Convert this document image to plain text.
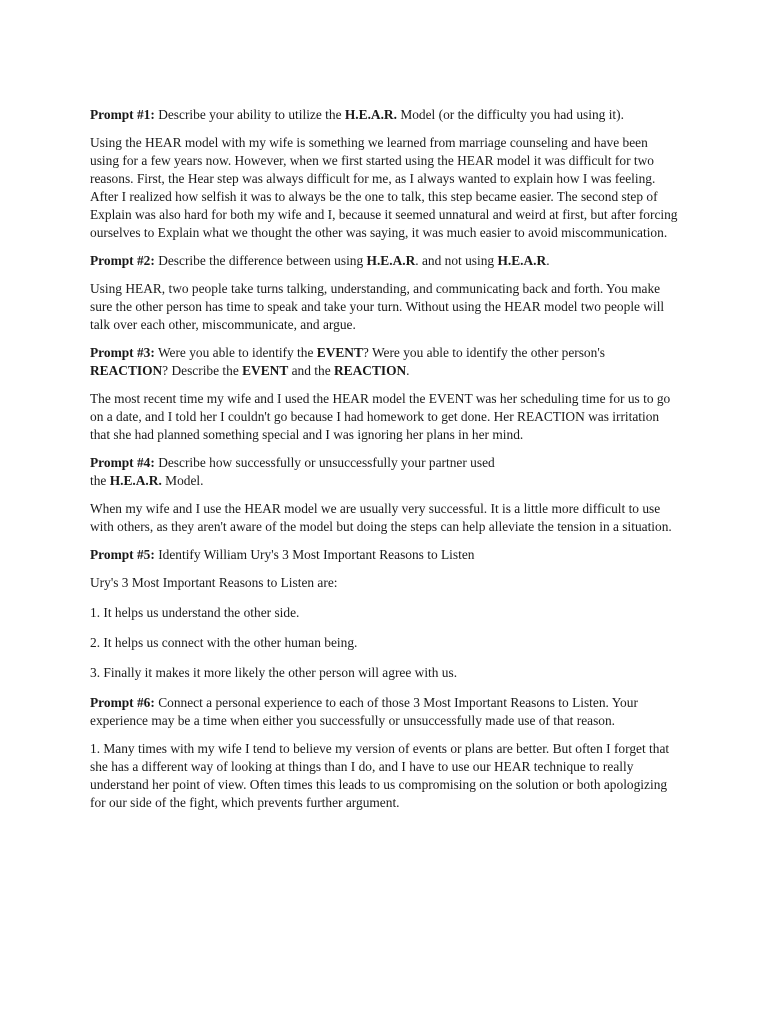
Prompt #1: Describe your ability to utilize the H.E.A.R. Model (or the difficulty you had using it).

Using the HEAR model with my wife is something we learned from marriage counseling and have been using for a few years now. However, when we first started using the HEAR model it was difficult for two reasons. First, the Hear step was always difficult for me, as I always wanted to explain how I was feeling. After I realized how selfish it was to always be the one to talk, this step became easier. The second step of Explain was also hard for both my wife and I, because it seemed unnatural and weird at first, but after forcing ourselves to Explain what we thought the other was saying, it was much easier to avoid miscommunication.

Prompt #2: Describe the difference between using H.E.A.R. and not using H.E.A.R.

Using HEAR, two people take turns talking, understanding, and communicating back and forth. You make sure the other person has time to speak and take your turn. Without using the HEAR model two people will talk over each other, miscommunicate, and argue.

Prompt #3: Were you able to identify the EVENT? Were you able to identify the other person's REACTION? Describe the EVENT and the REACTION.

The most recent time my wife and I used the HEAR model the EVENT was her scheduling time for us to go on a date, and I told her I couldn't go because I had homework to get done. Her REACTION was irritation that she had planned something special and I was ignoring her plans in her mind.

Prompt #4: Describe how successfully or unsuccessfully your partner used
the H.E.A.R. Model.

When my wife and I use the HEAR model we are usually very successful. It is a little more difficult to use with others, as they aren't aware of the model but doing the steps can help alleviate the tension in a situation.

Prompt #5: Identify William Ury's 3 Most Important Reasons to Listen

Ury's 3 Most Important Reasons to Listen are:

1. It helps us understand the other side.

2. It helps us connect with the other human being.

3. Finally it makes it more likely the other person will agree with us.

Prompt #6: Connect a personal experience to each of those 3 Most Important Reasons to Listen. Your experience may be a time when either you successfully or unsuccessfully made use of that reason.

1. Many times with my wife I tend to believe my version of events or plans are better. But often I forget that she has a different way of looking at things than I do, and I have to use our HEAR technique to really understand her point of view. Often times this leads to us compromising on the solution or both apologizing for our side of the fight, which prevents further argument.
